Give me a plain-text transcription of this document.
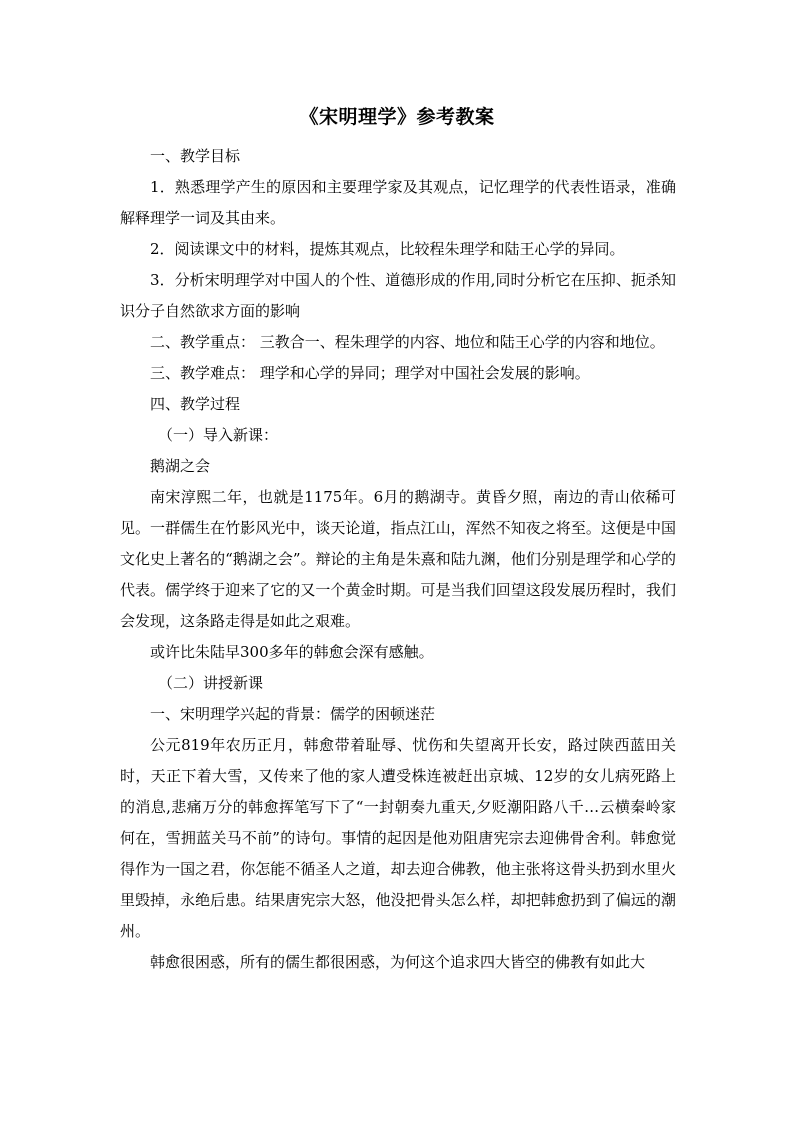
《宋明理学》参考教案

一、教学目标

1．熟悉理学产生的原因和主要理学家及其观点，记忆理学的代表性语录，准确解释理学一词及其由来。

2．阅读课文中的材料，提炼其观点，比较程朱理学和陆王心学的异同。

3．分析宋明理学对中国人的个性、道德形成的作用,同时分析它在压抑、扼杀知识分子自然欲求方面的影响

二、教学重点： 三教合一、程朱理学的内容、地位和陆王心学的内容和地位。

三、教学难点： 理学和心学的异同；理学对中国社会发展的影响。

四、教学过程

（一）导入新课：

鹅湖之会

南宋淳熙二年，也就是1175年。6月的鹅湖寺。黄昏夕照，南边的青山依稀可见。一群儒生在竹影风光中，谈天论道，指点江山，浑然不知夜之将至。这便是中国文化史上著名的“鹅湖之会”。辩论的主角是朱熹和陆九渊，他们分别是理学和心学的代表。儒学终于迎来了它的又一个黄金时期。可是当我们回望这段发展历程时，我们会发现，这条路走得是如此之艰难。

或许比朱陆早300多年的韩愈会深有感触。

（二）讲授新课

一、宋明理学兴起的背景：儒学的困顿迷茫

公元819年农历正月，韩愈带着耻辱、忧伤和失望离开长安，路过陕西蓝田关时，天正下着大雪，又传来了他的家人遭受株连被赶出京城、12岁的女儿病死路上的消息,悲痛万分的韩愈挥笔写下了“一封朝奏九重天,夕贬潮阳路八千…云横秦岭家何在，雪拥蓝关马不前”的诗句。事情的起因是他劝阻唐宪宗去迎佛骨舍利。韩愈觉得作为一国之君，你怎能不循圣人之道，却去迎合佛教，他主张将这骨头扔到水里火里毁掉，永绝后患。结果唐宪宗大怒，他没把骨头怎么样，却把韩愈扔到了偏远的潮州。

韩愈很困惑，所有的儒生都很困惑，为何这个追求四大皆空的佛教有如此大
